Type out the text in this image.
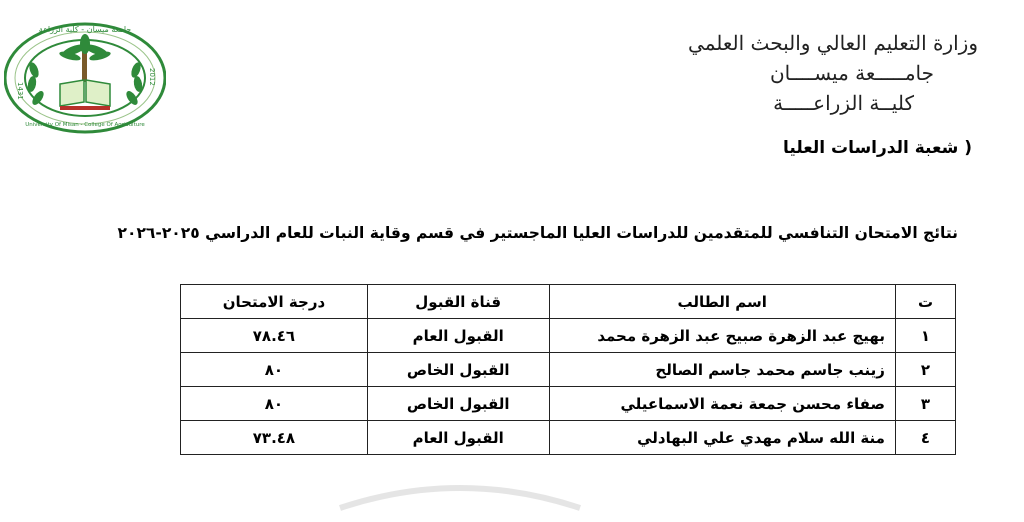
جامعة ميسان - كلية الزراعة
University Of Misan - College Of Agriculture
1431
2012
وزارة التعليم العالي والبحث العلمي
جامـــــعة ميســــان
كليــة الزراعـــــة
( شعبة الدراسات العليا
نتائج الامتحان التنافسي للمتقدمين للدراسات العليا الماجستير في قسم وقاية النبات للعام الدراسي ٢٠٢٥-٢٠٢٦
ت	اسم الطالب	قناة القبول	درجة الامتحان
١	بهيج عبد الزهرة صبيح عبد الزهرة محمد	القبول العام	٧٨.٤٦
٢	زينب جاسم محمد جاسم الصالح	القبول الخاص	٨٠
٣	صفاء محسن جمعة نعمة الاسماعيلي	القبول الخاص	٨٠
٤	منة الله سلام مهدي علي البهادلي	القبول العام	٧٣.٤٨
